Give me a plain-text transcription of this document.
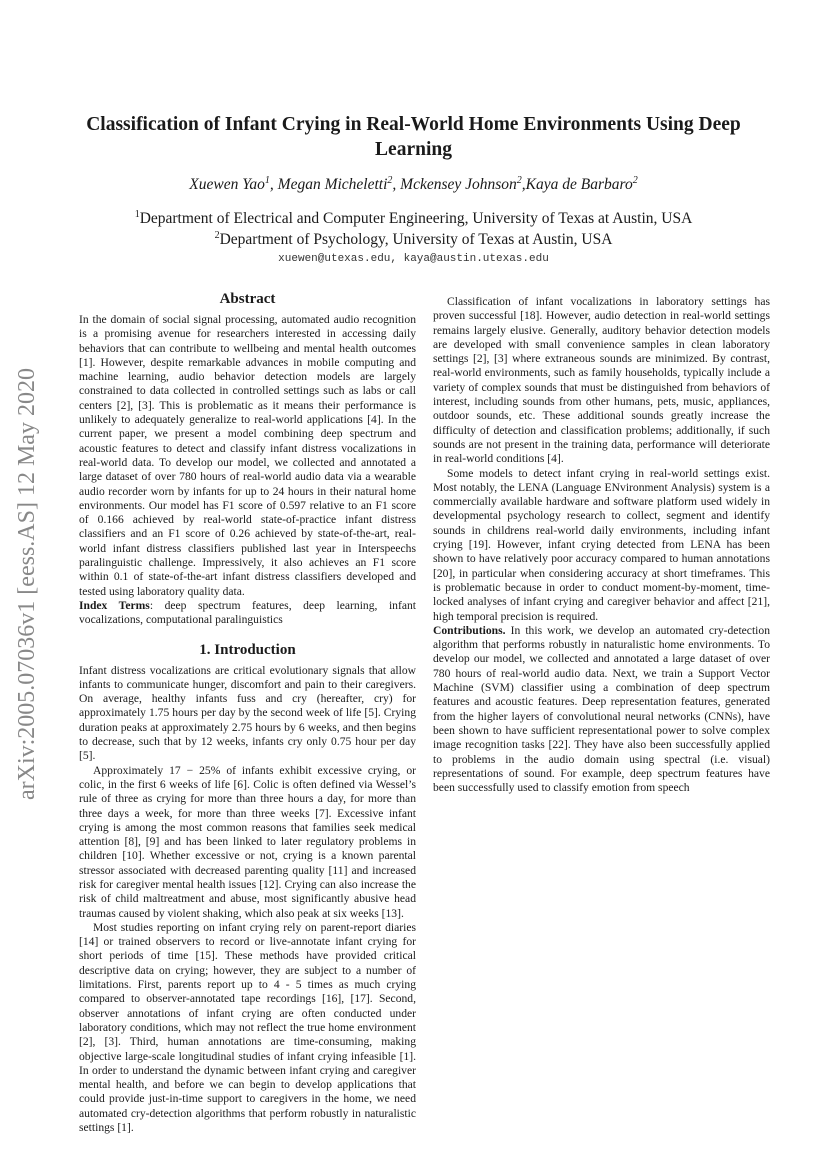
arXiv:2005.07036v1 [eess.AS] 12 May 2020
Classification of Infant Crying in Real-World Home Environments Using Deep Learning
Xuewen Yao$^1$, Megan Micheletti$^2$, Mckensey Johnson$^2$,Kaya de Barbaro$^2$
$^1$Department of Electrical and Computer Engineering, University of Texas at Austin, USA
$^2$Department of Psychology, University of Texas at Austin, USA
xuewen@utexas.edu, kaya@austin.utexas.edu
Abstract

In the domain of social signal processing, automated audio recognition is a promising avenue for researchers interested in accessing daily behaviors that can contribute to wellbeing and mental health outcomes [1]. However, despite remarkable advances in mobile computing and machine learning, audio behavior detection models are largely constrained to data collected in controlled settings such as labs or call centers [2], [3]. This is problematic as it means their performance is unlikely to adequately generalize to real-world applications [4]. In the current paper, we present a model combining deep spectrum and acoustic features to detect and classify infant distress vocalizations in real-world data. To develop our model, we collected and annotated a large dataset of over 780 hours of real-world audio data via a wearable audio recorder worn by infants for up to 24 hours in their natural home environments. Our model has F1 score of 0.597 relative to an F1 score of 0.166 achieved by real-world state-of-practice infant distress classifiers and an F1 score of 0.26 achieved by state-of-the-art, real-world infant distress classifiers published last year in Interspeechs paralinguistic challenge. Impressively, it also achieves an F1 score within 0.1 of state-of-the-art infant distress classifiers developed and tested using laboratory quality data.

Index Terms: deep spectrum features, deep learning, infant vocalizations, computational paralinguistics

1. Introduction

Infant distress vocalizations are critical evolutionary signals that allow infants to communicate hunger, discomfort and pain to their caregivers. On average, healthy infants fuss and cry (hereafter, cry) for approximately 1.75 hours per day by the second week of life [5]. Crying duration peaks at approximately 2.75 hours by 6 weeks, and then begins to decrease, such that by 12 weeks, infants cry only 0.75 hour per day [5].

Approximately 17 − 25% of infants exhibit excessive crying, or colic, in the first 6 weeks of life [6]. Colic is often defined via Wessel’s rule of three as crying for more than three hours a day, for more than three days a week, for more than three weeks [7]. Excessive infant crying is among the most common reasons that families seek medical attention [8], [9] and has been linked to later regulatory problems in children [10]. Whether excessive or not, crying is a known parental stressor associated with decreased parenting quality [11] and increased risk for caregiver mental health issues [12]. Crying can also increase the risk of child maltreatment and abuse, most significantly abusive head traumas caused by violent shaking, which also peak at six weeks [13].

Most studies reporting on infant crying rely on parent-report diaries [14] or trained observers to record or live-annotate infant crying for short periods of time [15]. These methods have provided critical descriptive data on crying; however, they are subject to a number of limitations. First, parents report up to 4 - 5 times as much crying compared to observer-annotated tape recordings [16], [17]. Second, observer annotations of infant crying are often conducted under laboratory conditions, which may not reflect the true home environment [2], [3]. Third, human annotations are time-consuming, making objective large-scale longitudinal studies of infant crying infeasible [1]. In order to understand the dynamic between infant crying and caregiver mental health, and before we can begin to develop applications that could provide just-in-time support to caregivers in the home, we need automated cry-detection algorithms that perform robustly in naturalistic settings [1].

Classification of infant vocalizations in laboratory settings has proven successful [18]. However, audio detection in real-world settings remains largely elusive. Generally, auditory behavior detection models are developed with small convenience samples in clean laboratory settings [2], [3] where extraneous sounds are minimized. By contrast, real-world environments, such as family households, typically include a variety of complex sounds that must be distinguished from behaviors of interest, including sounds from other humans, pets, music, appliances, outdoor sounds, etc. These additional sounds greatly increase the difficulty of detection and classification problems; additionally, if such sounds are not present in the training data, performance will deteriorate in real-world conditions [4].

Some models to detect infant crying in real-world settings exist. Most notably, the LENA (Language ENvironment Analysis) system is a commercially available hardware and software platform used widely in developmental psychology research to collect, segment and identify sounds in childrens real-world daily environments, including infant crying [19]. However, infant crying detected from LENA has been shown to have relatively poor accuracy compared to human annotations [20], in particular when considering accuracy at short timeframes. This is problematic because in order to conduct moment-by-moment, time-locked analyses of infant crying and caregiver behavior and affect [21], high temporal precision is required.

Contributions. In this work, we develop an automated cry-detection algorithm that performs robustly in naturalistic home environments. To develop our model, we collected and annotated a large dataset of over 780 hours of real-world audio data. Next, we train a Support Vector Machine (SVM) classifier using a combination of deep spectrum features and acoustic features. Deep representation features, generated from the higher layers of convolutional neural networks (CNNs), have been shown to have sufficient representational power to solve complex image recognition tasks [22]. They have also been successfully applied to problems in the audio domain using spectral (i.e. visual) representations of sound. For example, deep spectrum features have been successfully used to classify emotion from speech
